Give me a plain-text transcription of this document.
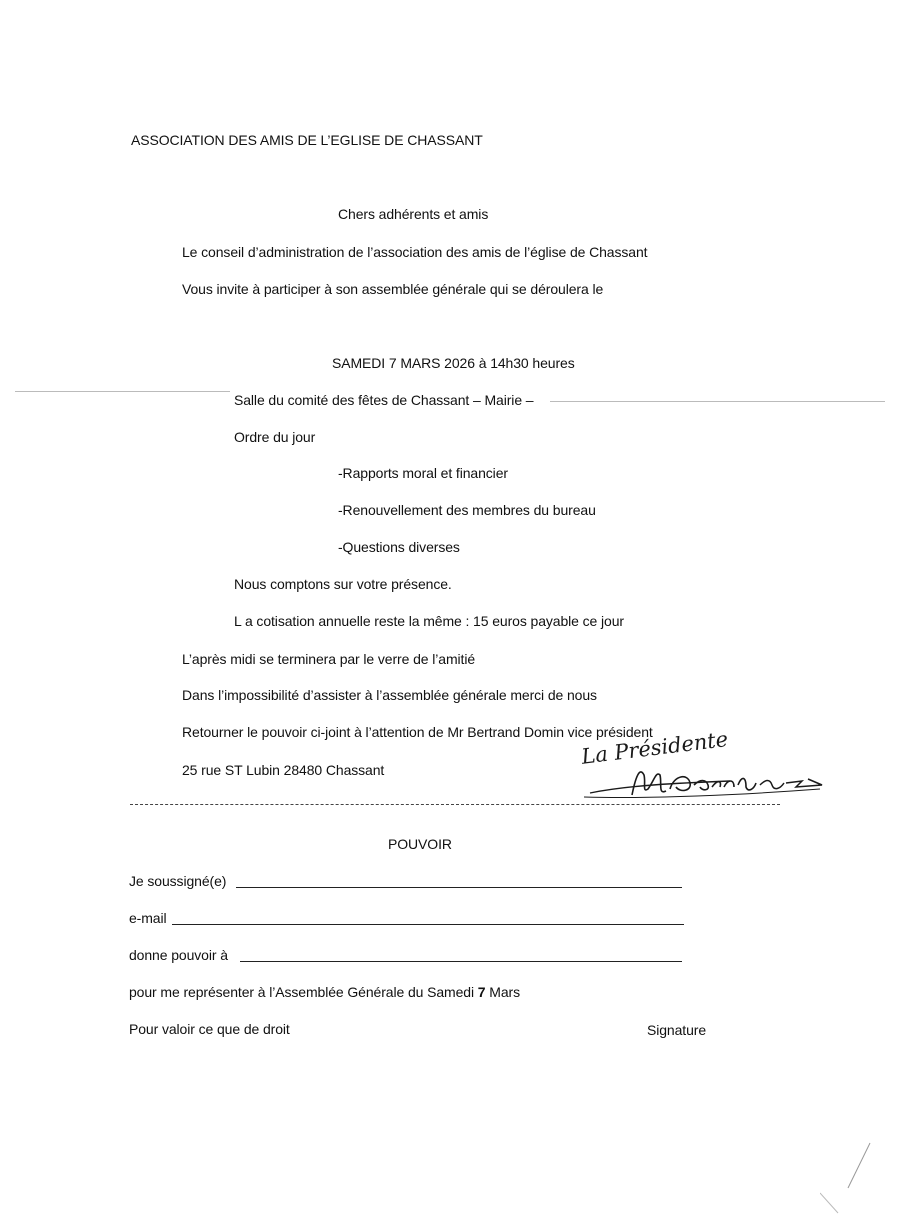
ASSOCIATION DES AMIS DE L’EGLISE DE CHASSANT
Chers adhérents et amis
Le conseil d’administration de l’association des amis de l’église de Chassant
Vous invite à participer à son assemblée générale qui se déroulera le
SAMEDI 7 MARS 2026 à 14h30 heures
Salle du comité des fêtes de Chassant – Mairie –
Ordre du jour
-Rapports moral et financier
-Renouvellement des membres du bureau
-Questions diverses
Nous comptons sur votre présence.
L a cotisation annuelle reste la même : 15 euros payable ce jour
L’après midi se terminera par le verre de l’amitié
Dans l’impossibilité d’assister à l’assemblée générale merci de nous
Retourner le pouvoir ci-joint à l’attention de Mr Bertrand Domin vice président
25 rue ST Lubin 28480 Chassant
La Présidente
POUVOIR
Je soussigné(e)
e-mail
donne pouvoir à
pour me représenter à l’Assemblée Générale du Samedi 7 Mars
Pour valoir ce que de droit	Signature
